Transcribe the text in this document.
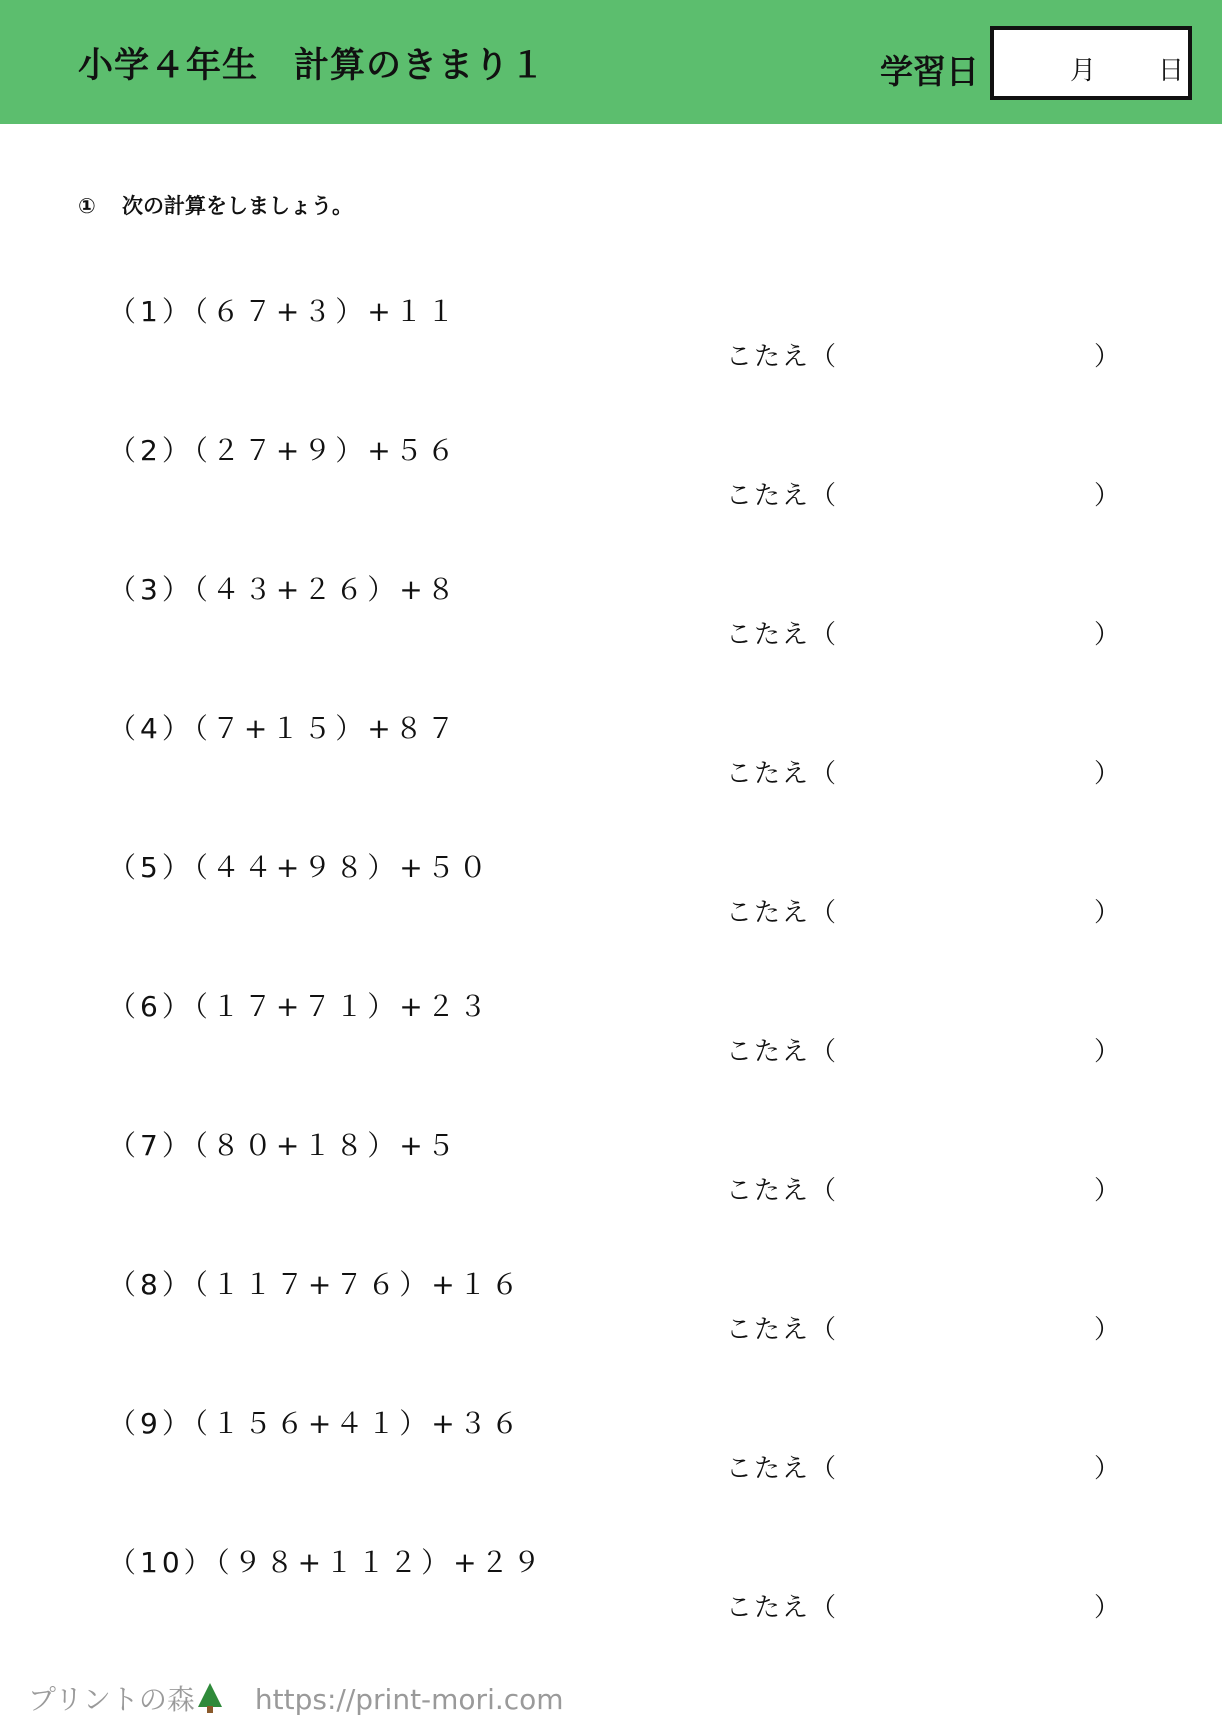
小学４年生　計算のきまり１	学習日	月 日
① 次の計算をしましょう。
（1）（６７+３）+１１
こたえ（	）
（2）（２７+９）+５６
こたえ（	）
（3）（４３+２６）+８
こたえ（	）
（4）（７+１５）+８７
こたえ（	）
（5）（４４+９８）+５０
こたえ（	）
（6）（１７+７１）+２３
こたえ（	）
（7）（８０+１８）+５
こたえ（	）
（8）（１１７+７６）+１６
こたえ（	）
（9）（１５６+４１）+３６
こたえ（	）
（10）（９８+１１２）+２９
こたえ（	）
プリントの森 https://print-mori.com
